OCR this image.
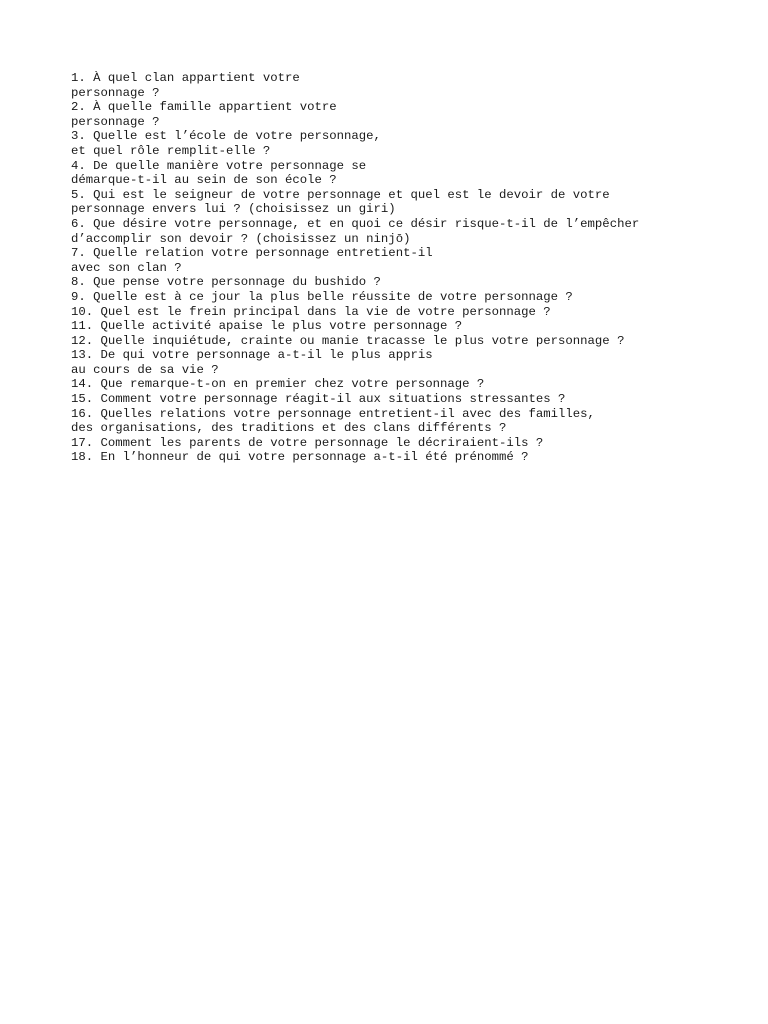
1. À quel clan appartient votre
personnage ?
2. À quelle famille appartient votre
personnage ?
3. Quelle est l’école de votre personnage,
et quel rôle remplit-elle ?
4. De quelle manière votre personnage se
démarque-t-il au sein de son école ?
5. Qui est le seigneur de votre personnage et quel est le devoir de votre
personnage envers lui ? (choisissez un giri)
6. Que désire votre personnage, et en quoi ce désir risque-t-il de l’empêcher
d’accomplir son devoir ? (choisissez un ninjō)
7. Quelle relation votre personnage entretient-il
avec son clan ?
8. Que pense votre personnage du bushido ?
9. Quelle est à ce jour la plus belle réussite de votre personnage ?
10. Quel est le frein principal dans la vie de votre personnage ?
11. Quelle activité apaise le plus votre personnage ?
12. Quelle inquiétude, crainte ou manie tracasse le plus votre personnage ?
13. De qui votre personnage a-t-il le plus appris
au cours de sa vie ?
14. Que remarque-t-on en premier chez votre personnage ?
15. Comment votre personnage réagit-il aux situations stressantes ?
16. Quelles relations votre personnage entretient-il avec des familles,
des organisations, des traditions et des clans différents ?
17. Comment les parents de votre personnage le décriraient-ils ?
18. En l’honneur de qui votre personnage a-t-il été prénommé ?
